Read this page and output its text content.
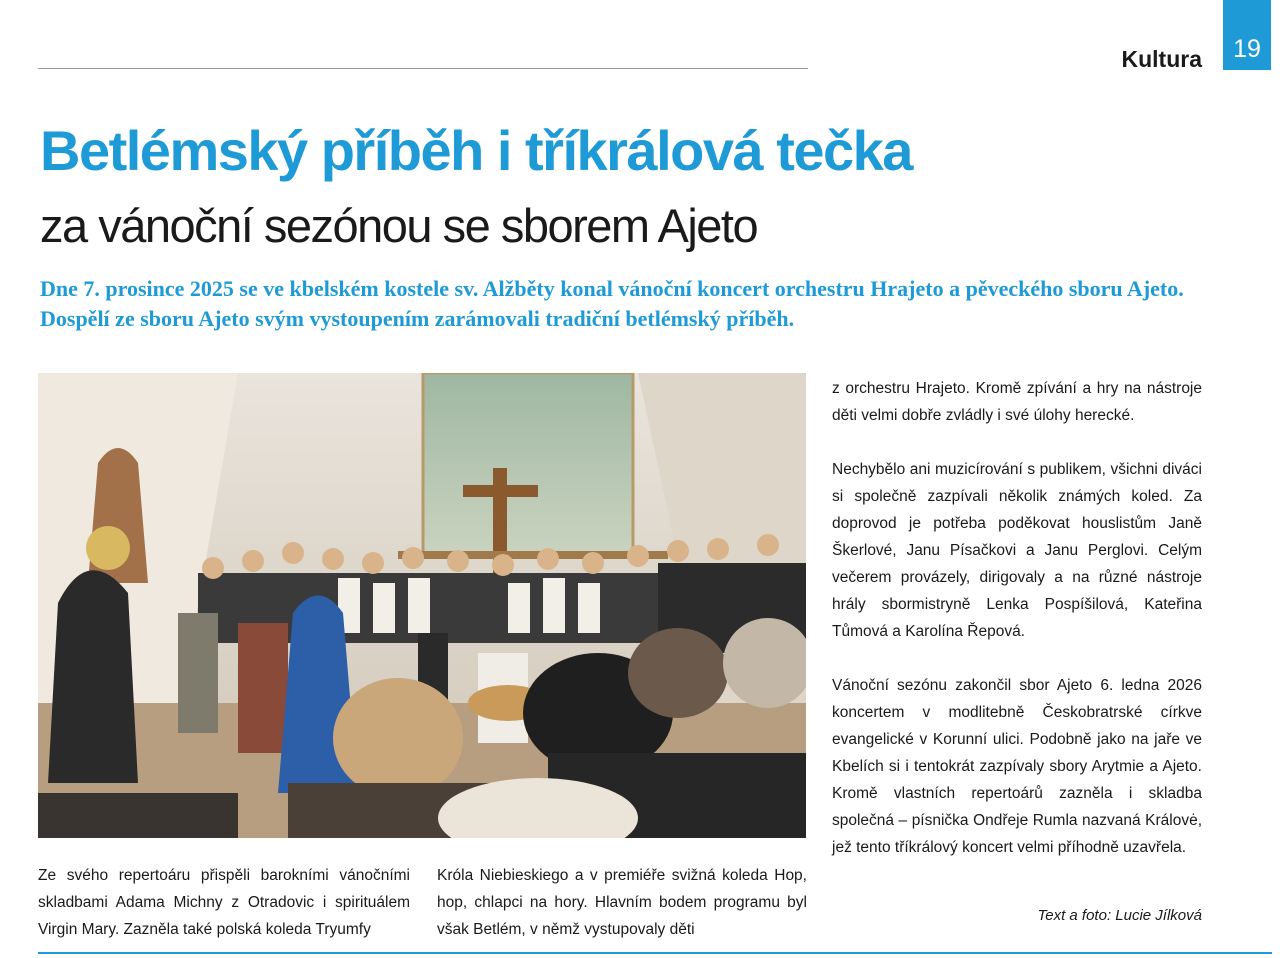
Kultura	19
Betlémský příběh i tříkrálová tečka
za vánoční sezónou se sborem Ajeto

Dne 7. prosince 2025 se ve kbelském kostele sv. Alžběty konal vánoční koncert orchestru Hrajeto a pěveckého sboru Ajeto. Dospělí ze sboru Ajeto svým vystoupením zarámovali tradiční betlémský příběh.

Ze svého repertoáru přispěli barokními vánočními skladbami Adama Michny z Otradovic i spirituálem Virgin Mary. Zazněla také polská koleda Tryumfy

Króla Niebieskiego a v premiéře svižná koleda Hop, hop, chlapci na hory. Hlavním bodem programu byl však Betlém, v němž vystupovaly děti

z orchestru Hrajeto. Kromě zpívání a hry na nástroje děti velmi dobře zvládly i své úlohy herecké.

Nechybělo ani muzicírování s publikem, všichni diváci si společně zazpívali několik známých koled. Za doprovod je potřeba poděkovat houslistům Janě Škerlové, Janu Písačkovi a Janu Perglovi. Celým večerem provázely, dirigovaly a na různé nástroje hrály sbormistryně Lenka Pospíšilová, Kateřina Tůmová a Karolína Řepová.

Vánoční sezónu zakončil sbor Ajeto 6. ledna 2026 koncertem v modlitebně Českobratrské církve evangelické v Korunní ulici. Podobně jako na jaře ve Kbelích si i tentokrát zazpívaly sbory Arytmie a Ajeto. Kromě vlastních repertoárů zazněla i skladba společná – písnička Ondřeje Rumla nazvaná Královė, jež tento tříkrálový koncert velmi příhodně uzavřela.

Text a foto: Lucie Jílková
